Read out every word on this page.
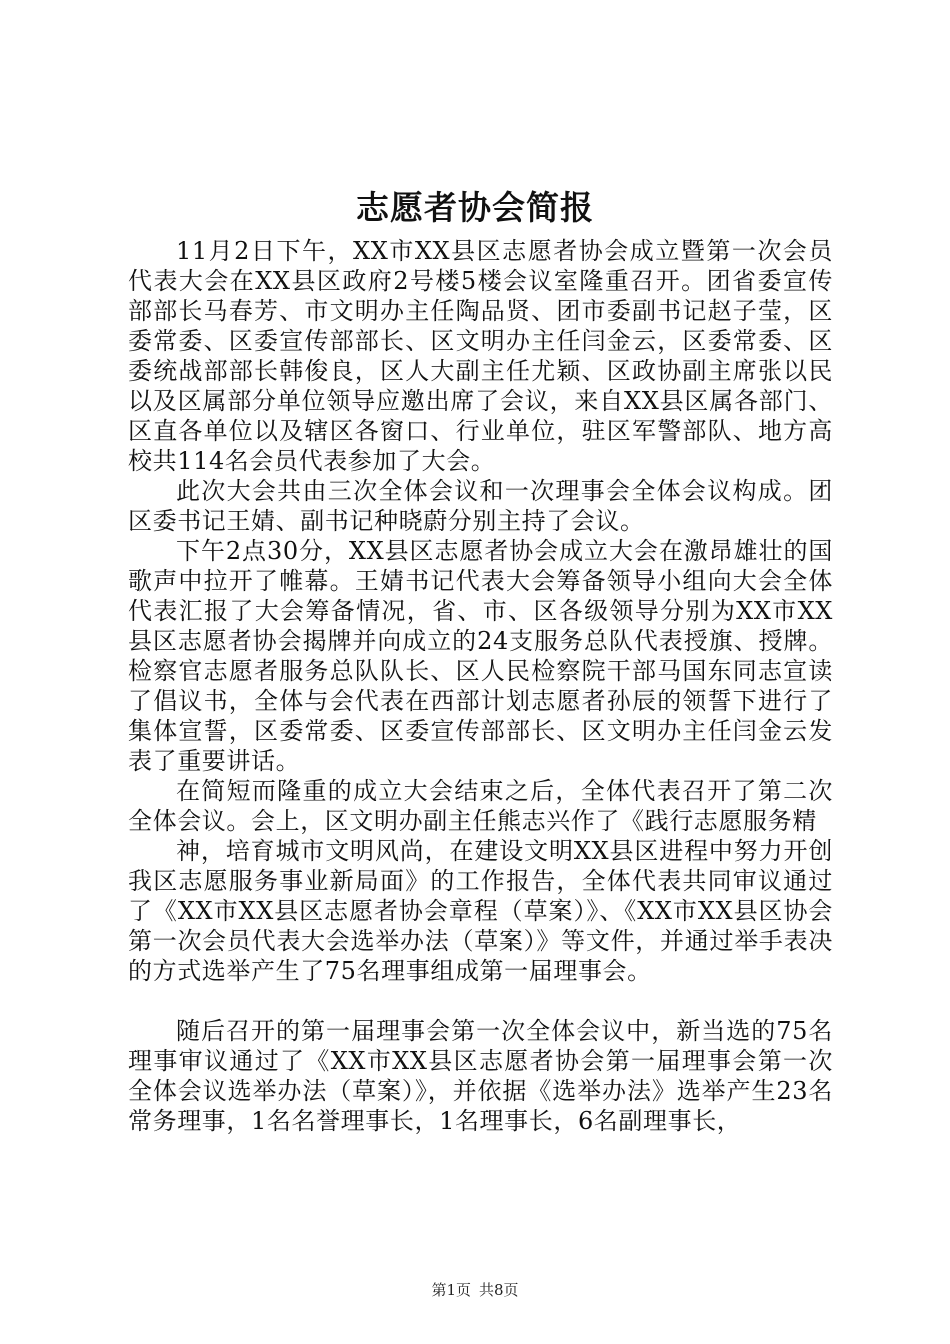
志愿者协会简报

11月2日下午，XX市XX县区志愿者协会成立暨第一次会员代表大会在XX县区政府2号楼5楼会议室隆重召开。团省委宣传部部长马春芳、市文明办主任陶品贤、团市委副书记赵子莹，区委常委、区委宣传部部长、区文明办主任闫金云，区委常委、区委统战部部长韩俊良，区人大副主任尤颖、区政协副主席张以民以及区属部分单位领导应邀出席了会议，来自XX县区属各部门、区直各单位以及辖区各窗口、行业单位，驻区军警部队、地方高校共114名会员代表参加了大会。

此次大会共由三次全体会议和一次理事会全体会议构成。团区委书记王婧、副书记种晓蔚分别主持了会议。

下午2点30分，XX县区志愿者协会成立大会在激昂雄壮的国歌声中拉开了帷幕。王婧书记代表大会筹备领导小组向大会全体代表汇报了大会筹备情况，省、市、区各级领导分别为XX市XX县区志愿者协会揭牌并向成立的24支服务总队代表授旗、授牌。检察官志愿者服务总队队长、区人民检察院干部马国东同志宣读了倡议书，全体与会代表在西部计划志愿者孙辰的领誓下进行了集体宣誓，区委常委、区委宣传部部长、区文明办主任闫金云发表了重要讲话。

在简短而隆重的成立大会结束之后，全体代表召开了第二次全体会议。会上，区文明办副主任熊志兴作了《践行志愿服务精

神，培育城市文明风尚，在建设文明XX县区进程中努力开创我区志愿服务事业新局面》的工作报告，全体代表共同审议通过了《XX市XX县区志愿者协会章程（草案）》、《XX市XX县区协会第一次会员代表大会选举办法（草案）》等文件，并通过举手表决的方式选举产生了75名理事组成第一届理事会。

随后召开的第一届理事会第一次全体会议中，新当选的75名理事审议通过了《XX市XX县区志愿者协会第一届理事会第一次全体会议选举办法（草案）》，并依据《选举办法》选举产生23名常务理事，1名名誉理事长，1名理事长，6名副理事长，

第1页 共8页
